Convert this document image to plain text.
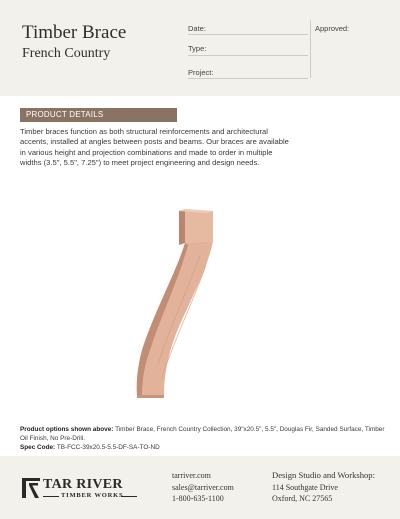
Timber Brace
French Country
Date:
Type:
Project:
Approved:
PRODUCT DETAILS
Timber braces function as both structural reinforcements and architectural accents, installed at angles between posts and beams. Our braces are available in various height and projection combinations and made to order in multiple widths (3.5", 5.5", 7.25") to meet project engineering and design needs.
Product options shown above: Timber Brace, French Country Collection, 39"x20.5", 5.5", Douglas Fir, Sanded Surface, Timber Oil Finish, No Pre-Drill.
Spec Code: TB-FCC-39x20.5-5.5-DF-SA-TO-ND
TAR RIVER
TIMBER WORKS
tarriver.com
sales@tarriver.com
1-800-635-1100
Design Studio and Workshop:
114 Southgate Drive
Oxford, NC 27565
